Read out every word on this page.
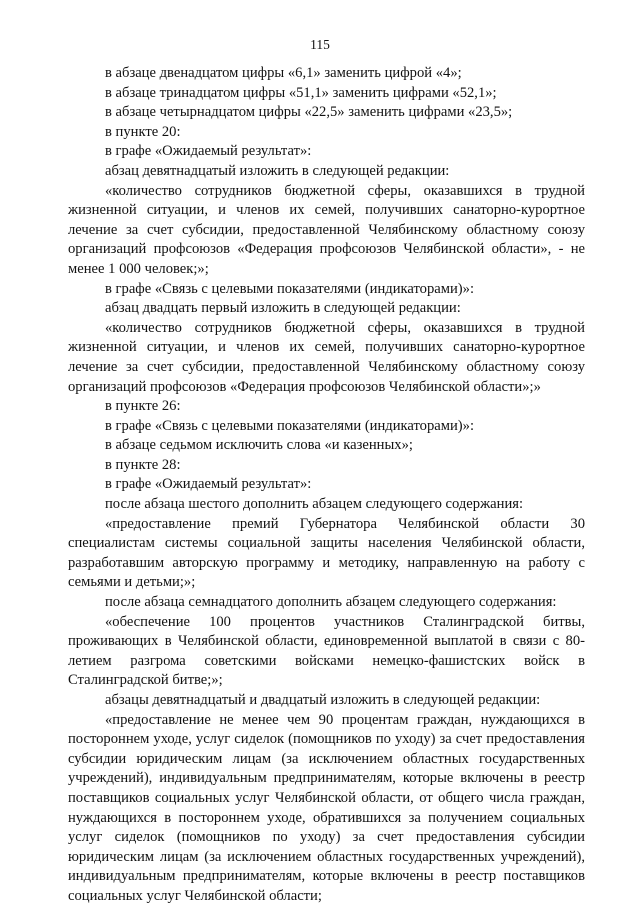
115

в абзаце двенадцатом цифры «6,1» заменить цифрой «4»;

в абзаце тринадцатом цифры «51,1» заменить цифрами «52,1»;

в абзаце четырнадцатом цифры «22,5» заменить цифрами «23,5»;

в пункте 20:

в графе «Ожидаемый результат»:

абзац девятнадцатый изложить в следующей редакции:

«количество сотрудников бюджетной сферы, оказавшихся в трудной жизненной ситуации, и членов их семей, получивших санаторно-курортное лечение за счет субсидии, предоставленной Челябинскому областному союзу организаций профсоюзов «Федерация профсоюзов Челябинской области», - не менее 1 000 человек;»;

в графе «Связь с целевыми показателями (индикаторами)»:

абзац двадцать первый изложить в следующей редакции:

«количество сотрудников бюджетной сферы, оказавшихся в трудной жизненной ситуации, и членов их семей, получивших санаторно-курортное лечение за счет субсидии, предоставленной Челябинскому областному союзу организаций профсоюзов «Федерация профсоюзов Челябинской области»;»

в пункте 26:

в графе «Связь с целевыми показателями (индикаторами)»:

в абзаце седьмом исключить слова «и казенных»;

в пункте 28:

в графе «Ожидаемый результат»:

после абзаца шестого дополнить абзацем следующего содержания:

«предоставление премий Губернатора Челябинской области 30 специалистам системы социальной защиты населения Челябинской области, разработавшим авторскую программу и методику, направленную на работу с семьями и детьми;»;

после абзаца семнадцатого дополнить абзацем следующего содержания:

«обеспечение 100 процентов участников Сталинградской битвы, проживающих в Челябинской области, единовременной выплатой в связи с 80-летием разгрома советскими войсками немецко-фашистских войск в Сталинградской битве;»;

абзацы девятнадцатый и двадцатый изложить в следующей редакции:

«предоставление не менее чем 90 процентам граждан, нуждающихся в постороннем уходе, услуг сиделок (помощников по уходу) за счет предоставления субсидии юридическим лицам (за исключением областных государственных учреждений), индивидуальным предпринимателям, которые включены в реестр поставщиков социальных услуг Челябинской области, от общего числа граждан, нуждающихся в постороннем уходе, обратившихся за получением социальных услуг сиделок (помощников по уходу) за счет предоставления субсидии юридическим лицам (за исключением областных государственных учреждений), индивидуальным предпринимателям, которые включены в реестр поставщиков социальных услуг Челябинской области;
